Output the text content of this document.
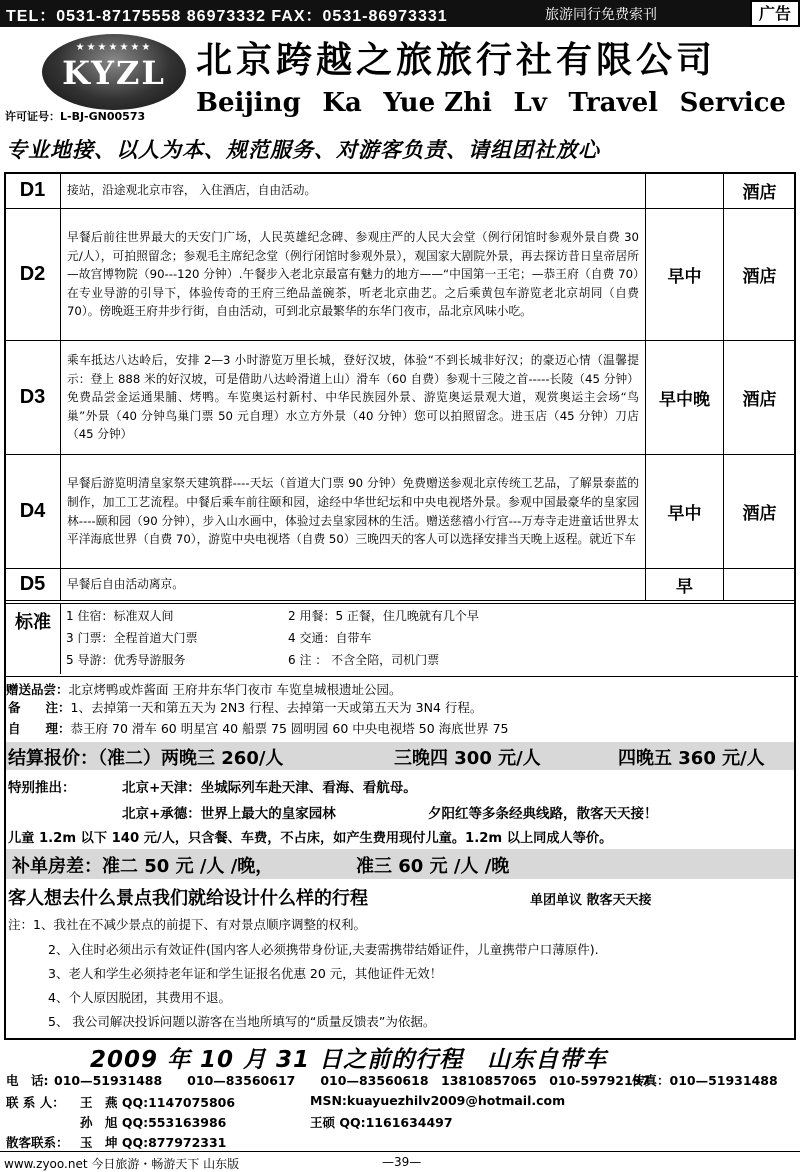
TEL：0531-87175558 86973332 FAX：0531-86973331	旅游同行免费索刊	广告
★★★★★★★
KYZL
许可证号：L-BJ-GN00573
北京跨越之旅旅行社有限公司
Beijing Ka Yue Zhi Lv Travel Service
专业地接、以人为本、规范服务、对游客负责、请组团社放心
D1	接站，沿途观北京市容， 入住酒店，自由活动。		酒店
D2	早餐后前往世界最大的天安门广场，人民英雄纪念碑、参观庄严的人民大会堂（例行闭馆时参观外景自费 30 元/人），可拍照留念；参观毛主席纪念堂（例行闭馆时参观外景），观国家大剧院外景，再去探访昔日皇帝居所—故宫博物院（90---120 分钟）.午餐步入老北京最富有魅力的地方——“中国第一王宅；—恭王府（自费 70）在专业导游的引导下，体验传奇的王府三绝品盖碗茶，听老北京曲艺。之后乘黄包车游览老北京胡同（自费 70）。傍晚逛王府井步行街，自由活动，可到北京最繁华的东华门夜市，品北京风味小吃。	早中	酒店
D3	乘车抵达八达岭后，安排 2—3 小时游览万里长城，登好汉坡，体验“不到长城非好汉；的豪迈心情（温馨提示：登上 888 米的好汉坡，可是借助八达岭滑道上山）滑车（60 自费）参观十三陵之首-----长陵（45 分钟）免费品尝金运通果脯、烤鸭。车览奥运村新村、中华民族园外景、游览奥运景观大道，观赏奥运主会场“鸟巢”外景（40 分钟鸟巢门票 50 元自理）水立方外景（40 分钟）您可以拍照留念。进玉店（45 分钟）刀店（45 分钟）	早中晚	酒店
D4	早餐后游览明清皇家祭天建筑群----天坛（首道大门票 90 分钟）免费赠送参观北京传统工艺品，了解景泰蓝的制作，加工工艺流程。中餐后乘车前往颐和园，途经中华世纪坛和中央电视塔外景。参观中国最豪华的皇家园林----颐和园（90 分钟），步入山水画中，体验过去皇家园林的生活。赠送慈禧小行宫---万寿寺走进童话世界太平洋海底世界（自费 70），游览中央电视塔（自费 50）三晚四天的客人可以选择安排当天晚上返程。就近下车	早中	酒店
D5	早餐后自由活动离京。	早	
标准	1 住宿：标准双人间	2 用餐：5 正餐，住几晚就有几个早
3 门票：全程首道大门票	4 交通：自带车
5 导游：优秀导游服务	6 注 ： 不含全陪，司机门票
赠送品尝：北京烤鸭或炸酱面 王府井东华门夜市 车览皇城根遗址公园。
备　　注：1、去掉第一天和第五天为 2N3 行程、去掉第一天或第五天为 3N4 行程。
自　　理：恭王府 70 滑车 60 明星宫 40 船票 75 圆明园 60 中央电视塔 50 海底世界 75
结算报价：（准二）两晚三 260/人	三晚四 300 元/人	四晚五 360 元/人
特别推出：	北京+天津：坐城际列车赴天津、看海、看航母。
北京+承德：世界上最大的皇家园林	夕阳红等多条经典线路，散客天天接！
儿童 1.2m 以下 140 元/人，只含餐、车费，不占床，如产生费用现付儿童。1.2m 以上同成人等价。
补单房差：准二 50 元 /人 /晚，	准三 60 元 /人 /晚
客人想去什么景点我们就给设计什么样的行程	单团单议 散客天天接
注：1、我社在不减少景点的前提下、有对景点顺序调整的权利。
2、入住时必须出示有效证件(国内客人必须携带身份证,夫妻需携带结婚证件，儿童携带户口薄原件).
3、老人和学生必须持老年证和学生证报名优惠 20 元，其他证件无效！
4、个人原因脱团，其费用不退。
5、 我公司解决投诉问题以游客在当地所填写的“质量反馈表”为依据。
2009 年 10 月 31 日之前的行程　山东自带车
电　话: 010—51931488　　010—83560617　　010—83560618　13810857065　010-59792197
传真：010—51931488
联 系 人： 王　燕 QQ:1147075806	MSN:kuayuezhilv2009@hotmail.com
孙　旭 QQ:553163986	王硕 QQ:1161634497
散客联系： 玉　坤 QQ:877972331
www.zyoo.net 今日旅游・畅游天下 山东版	—39—
